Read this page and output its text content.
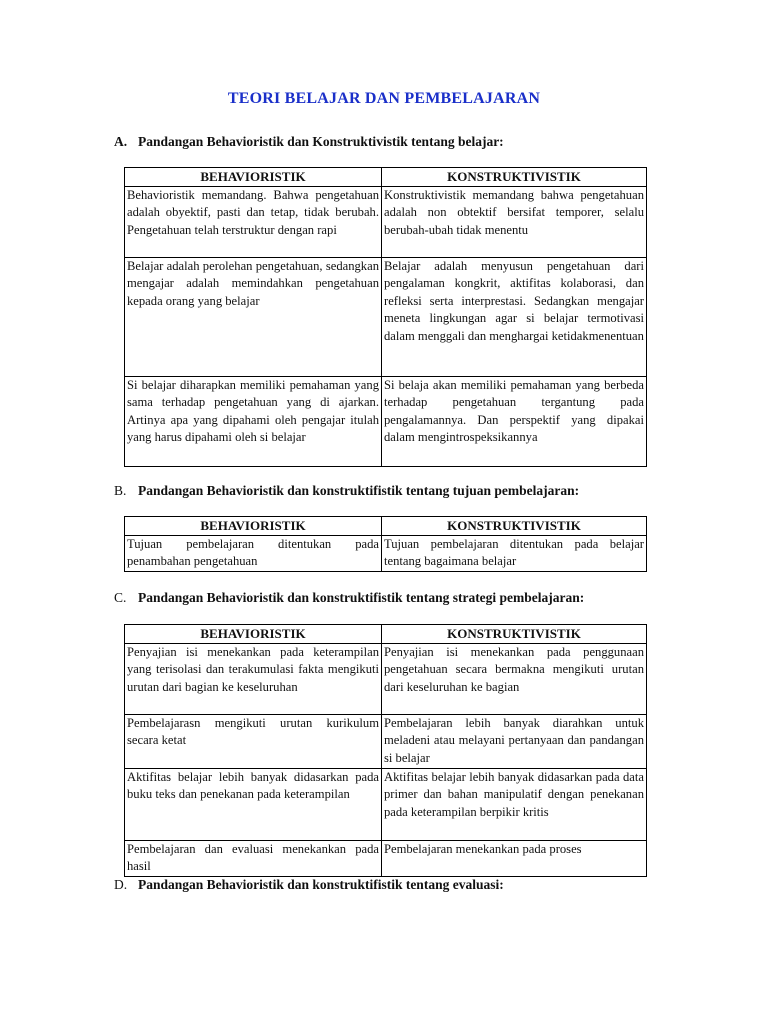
TEORI BELAJAR DAN PEMBELAJARAN
A. Pandangan Behavioristik dan Konstruktivistik tentang belajar:
BEHAVIORISTIK	KONSTRUKTIVISTIK
Behavioristik memandang. Bahwa pengetahuan adalah obyektif, pasti dan tetap, tidak berubah. Pengetahuan telah terstruktur dengan rapi	Konstruktivistik memandang bahwa pengetahuan adalah non obtektif bersifat temporer, selalu berubah-ubah tidak menentu
Belajar adalah perolehan pengetahuan, sedangkan mengajar adalah memindahkan pengetahuan kepada orang yang belajar	Belajar adalah menyusun pengetahuan dari pengalaman kongkrit, aktifitas kolaborasi, dan refleksi serta interprestasi. Sedangkan mengajar meneta lingkungan agar si belajar termotivasi dalam menggali dan menghargai ketidakmenentuan
Si belajar diharapkan memiliki pemahaman yang sama terhadap pengetahuan yang di ajarkan. Artinya apa yang dipahami oleh pengajar itulah yang harus dipahami oleh si belajar	Si belaja akan memiliki pemahaman yang berbeda terhadap pengetahuan tergantung pada pengalamannya. Dan perspektif yang dipakai dalam mengintrospeksikannya
B. Pandangan Behavioristik dan konstruktifistik tentang tujuan pembelajaran:
BEHAVIORISTIK	KONSTRUKTIVISTIK
Tujuan pembelajaran ditentukan pada penambahan pengetahuan	Tujuan pembelajaran ditentukan pada belajar tentang bagaimana belajar
C. Pandangan Behavioristik dan konstruktifistik tentang strategi pembelajaran:
BEHAVIORISTIK	KONSTRUKTIVISTIK
Penyajian isi menekankan pada keterampilan yang terisolasi dan terakumulasi fakta mengikuti urutan dari bagian ke keseluruhan	Penyajian isi menekankan pada penggunaan pengetahuan secara bermakna mengikuti urutan dari keseluruhan ke bagian
Pembelajarasn mengikuti urutan kurikulum secara ketat	Pembelajaran lebih banyak diarahkan untuk meladeni atau melayani pertanyaan dan pandangan si belajar
Aktifitas belajar lebih banyak didasarkan pada buku teks dan penekanan pada keterampilan	Aktifitas belajar lebih banyak didasarkan pada data primer dan bahan manipulatif dengan penekanan pada keterampilan berpikir kritis
Pembelajaran dan evaluasi menekankan pada hasil	Pembelajaran menekankan pada proses
D. Pandangan Behavioristik dan konstruktifistik tentang evaluasi:
